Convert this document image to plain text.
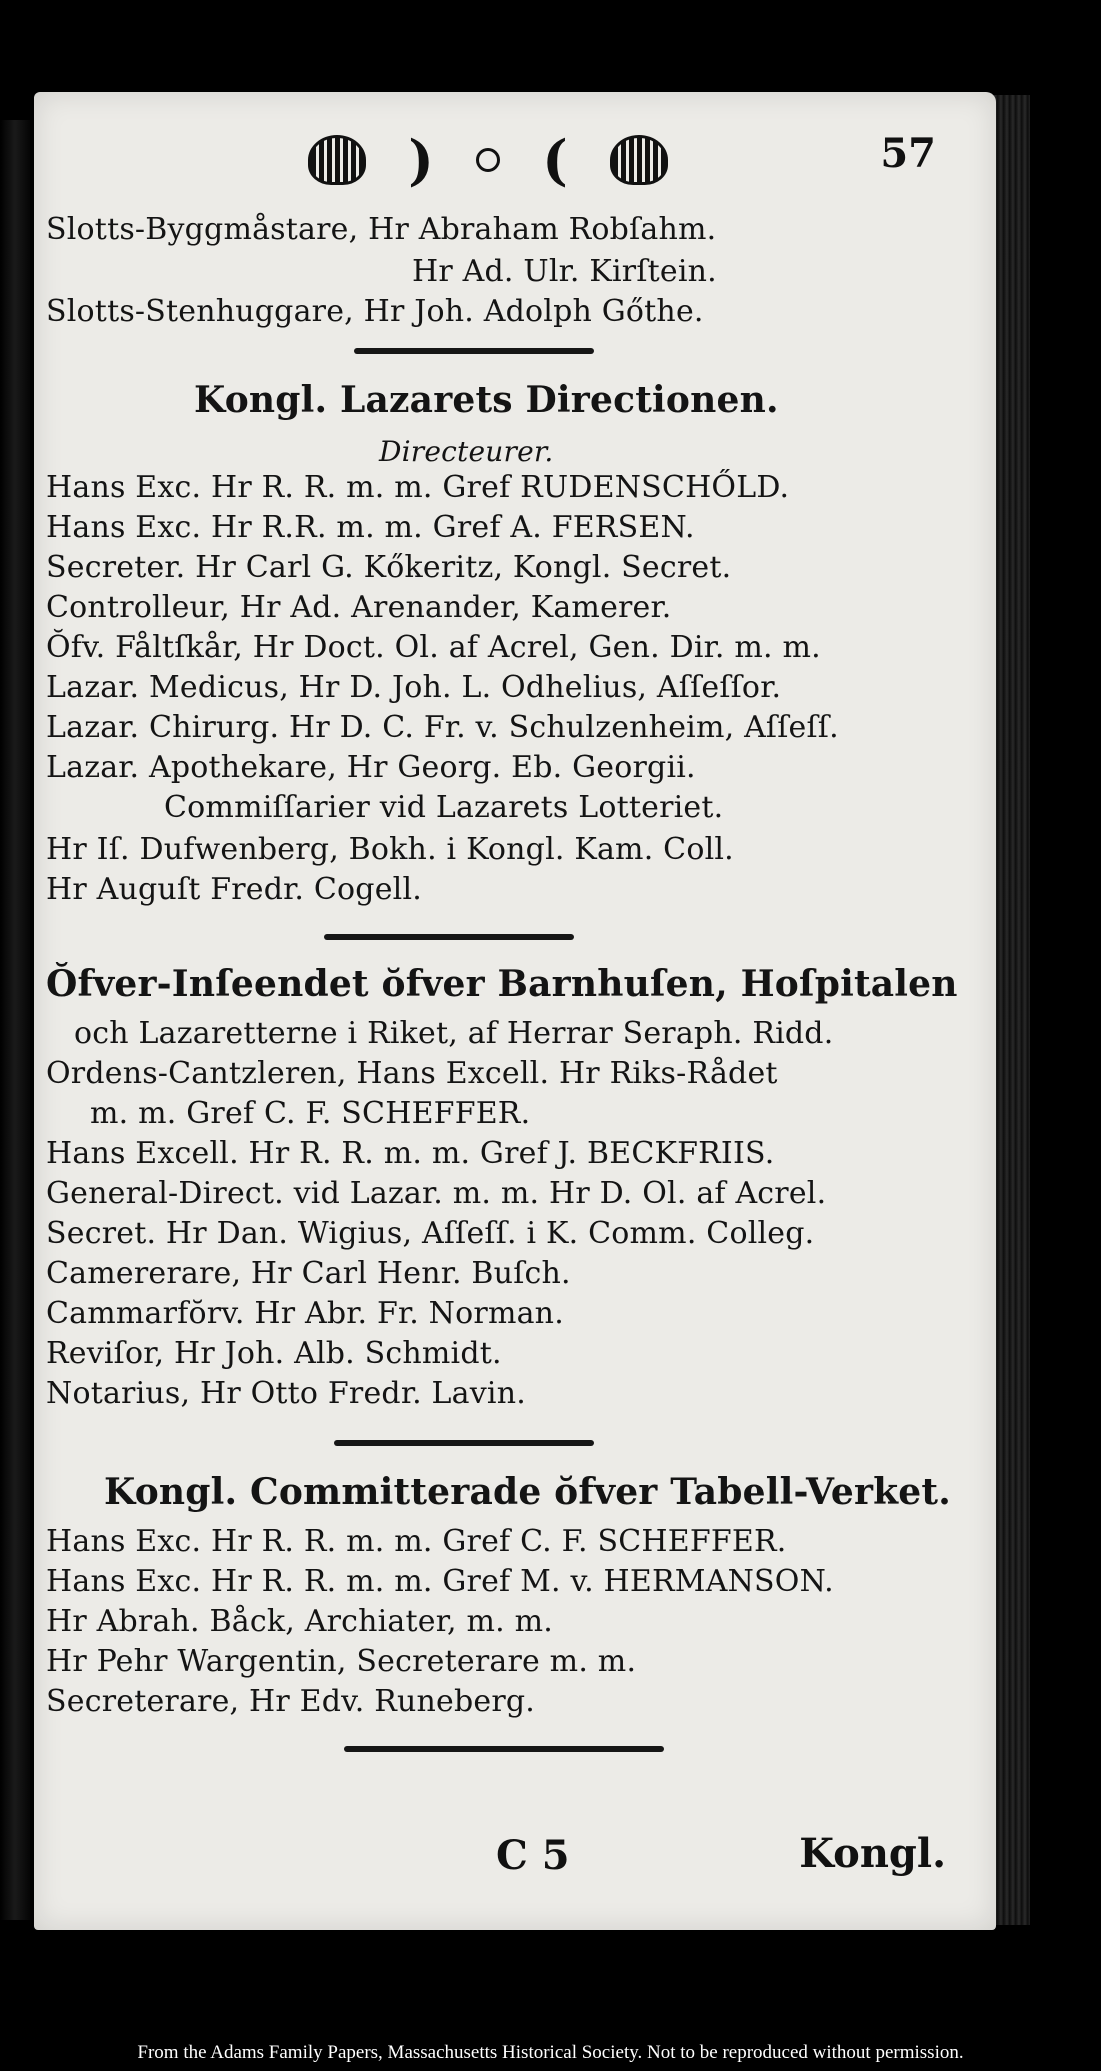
) (	57
Slotts-Byggmåstare, Hr Abraham Robſahm.
Hr Ad. Ulr. Kirſtein.
Slotts-Stenhuggare, Hr Joh. Adolph Gőthe.
Kongl. Lazarets Directionen.
Directeurer.
Hans Exc. Hr R. R. m. m. Gref RUDENSCHŐLD.
Hans Exc. Hr R.R. m. m. Gref A. FERSEN.
Secreter. Hr Carl G. Kőkeritz, Kongl. Secret.
Controlleur, Hr Ad. Arenander, Kamerer.
Ŏfv. Fåltſkår, Hr Doct. Ol. af Acrel, Gen. Dir. m. m.
Lazar. Medicus, Hr D. Joh. L. Odhelius, Aſſeſſor.
Lazar. Chirurg. Hr D. C. Fr. v. Schulzenheim, Aſſeſſ.
Lazar. Apothekare, Hr Georg. Eb. Georgii.
Commiſſarier vid Lazarets Lotteriet.
Hr Iſ. Dufwenberg, Bokh. i Kongl. Kam. Coll.
Hr Auguſt Fredr. Cogell.
Ŏfver-Inſeendet ŏfver Barnhuſen, Hoſpitalen
och Lazaretterne i Riket, af Herrar Seraph. Ridd.
Ordens-Cantzleren, Hans Excell. Hr Riks-Rådet
m. m. Gref C. F. SCHEFFER.
Hans Excell. Hr R. R. m. m. Gref J. BECKFRIIS.
General-Direct. vid Lazar. m. m. Hr D. Ol. af Acrel.
Secret. Hr Dan. Wigius, Aſſeſſ. i K. Comm. Colleg.
Camererare, Hr Carl Henr. Buſch.
Cammarfŏrv. Hr Abr. Fr. Norman.
Reviſor, Hr Joh. Alb. Schmidt.
Notarius, Hr Otto Fredr. Lavin.
Kongl. Committerade ŏfver Tabell-Verket.
Hans Exc. Hr R. R. m. m. Gref C. F. SCHEFFER.
Hans Exc. Hr R. R. m. m. Gref M. v. HERMANSON.
Hr Abrah. Båck, Archiater, m. m.
Hr Pehr Wargentin, Secreterare m. m.
Secreterare, Hr Edv. Runeberg.
C 5	Kongl.
From the Adams Family Papers, Massachusetts Historical Society. Not to be reproduced without permission.
